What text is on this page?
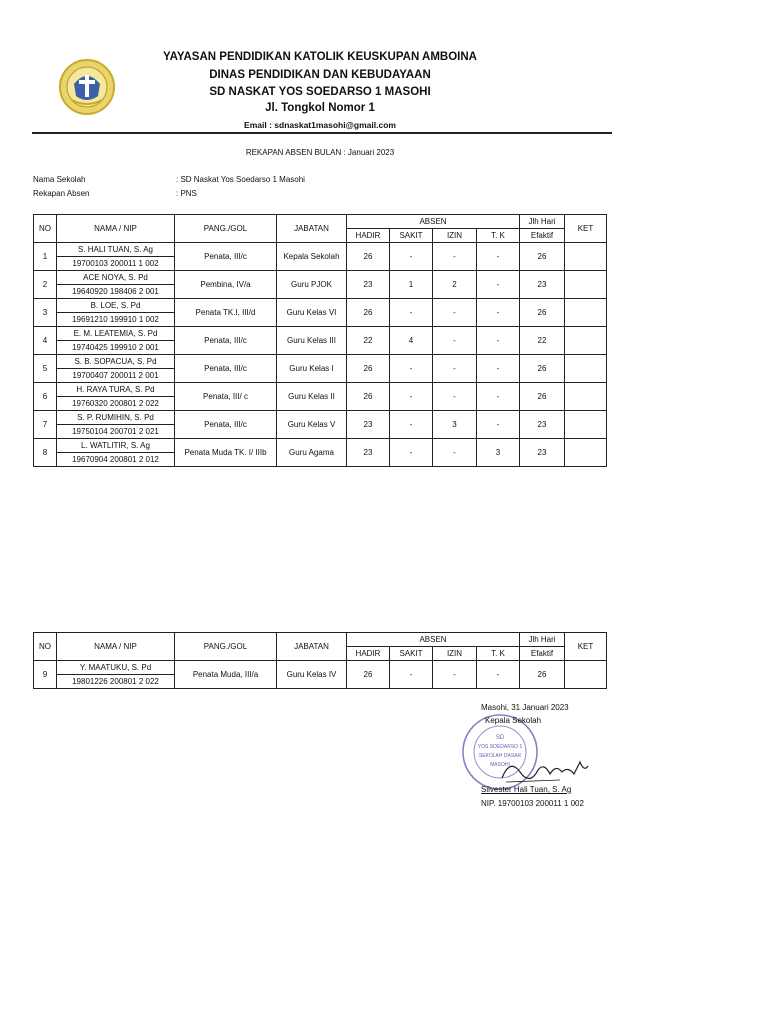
YAYASAN PENDIDIKAN KATOLIK KEUSKUPAN AMBOINA
DINAS PENDIDIKAN DAN KEBUDAYAAN
SD NASKAT YOS SOEDARSO 1 MASOHI
Jl. Tongkol Nomor 1
Email : sdnaskat1masohi@gmail.com
REKAPAN ABSEN BULAN : Januari 2023
Nama Sekolah	: SD Naskat Yos Soedarso 1 Masohi
Rekapan Absen	: PNS
NO	NAMA / NIP	PANG./GOL	JABATAN	ABSEN				Jlh Hari	KET
				HADIR	SAKIT	IZIN	T. K	Efaktif	
1	S. HALI TUAN, S. Ag	Penata, III/c	Kepala Sekolah	26	-	-	-	26	
	19700103 200011 1 002								
2	ACE NOYA, S. Pd	Pembina, IV/a	Guru PJOK	23	1	2	-	23	
	19640920 198406 2 001								
3	B. LOE, S. Pd	Penata TK.I, III/d	Guru Kelas VI	26	-	-	-	26	
	19691210 199910 1 002								
4	E. M. LEATEMIA, S. Pd	Penata, III/c	Guru Kelas III	22	4	-	-	22	
	19740425 199910 2 001								
5	S. B. SOPACUA, S. Pd	Penata, III/c	Guru Kelas I	26	-	-	-	26	
	19700407 200011 2 001								
6	H. RAYA TURA, S. Pd	Penata, III/ c	Guru Kelas II	26	-	-	-	26	
	19760320 200801 2 022								
7	S. P. RUMIHIN, S. Pd	Penata, III/c	Guru Kelas V	23	-	3	-	23	
	19750104 200701 2 021								
8	L. WATLITIR, S. Ag	Penata Muda TK. I/ IIIb	Guru Agama	23	-	-	3	23	
	19670904 200801 2 012								
NO	NAMA / NIP	PANG./GOL	JABATAN	ABSEN				Jlh Hari	KET
				HADIR	SAKIT	IZIN	T. K	Efaktif	
9	Y. MAATUKU, S. Pd	Penata Muda, III/a	Guru Kelas IV	26	-	-	-	26	
	19801226 200801 2 022								
SD
YOS SOEDARSO 1
SEKOLAH DASAR
MASOHI
Masohi, 31 Januari 2023
Kepala Sekolah
Silvester Hali Tuan, S. Ag
NIP. 19700103 200011 1 002
